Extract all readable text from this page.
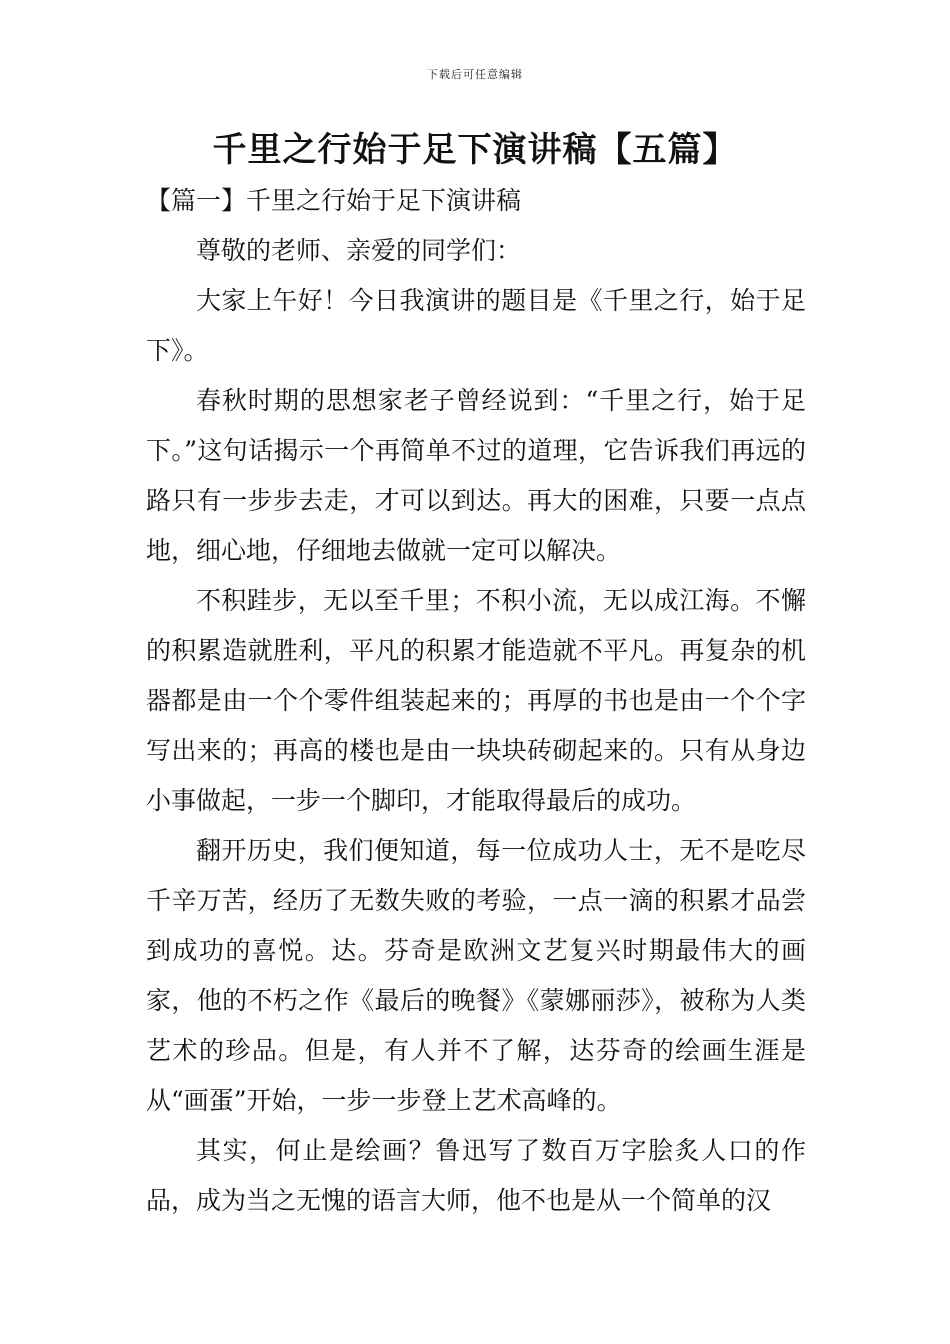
下载后可任意编辑
千里之行始于足下演讲稿【五篇】
【篇一】千里之行始于足下演讲稿

尊敬的老师、亲爱的同学们：

大家上午好！今日我演讲的题目是《千里之行，始于足下》。

春秋时期的思想家老子曾经说到：“千里之行，始于足下。”这句话揭示一个再简单不过的道理，它告诉我们再远的路只有一步步去走，才可以到达。再大的困难，只要一点点地，细心地，仔细地去做就一定可以解决。

不积跬步，无以至千里；不积小流，无以成江海。不懈的积累造就胜利，平凡的积累才能造就不平凡。再复杂的机器都是由一个个零件组装起来的；再厚的书也是由一个个字写出来的；再高的楼也是由一块块砖砌起来的。只有从身边小事做起，一步一个脚印，才能取得最后的成功。

翻开历史，我们便知道，每一位成功人士，无不是吃尽千辛万苦，经历了无数失败的考验，一点一滴的积累才品尝到成功的喜悦。达。芬奇是欧洲文艺复兴时期最伟大的画家，他的不朽之作《最后的晚餐》《蒙娜丽莎》，被称为人类艺术的珍品。但是，有人并不了解，达芬奇的绘画生涯是从“画蛋”开始，一步一步登上艺术高峰的。

其实，何止是绘画？鲁迅写了数百万字脍炙人口的作品，成为当之无愧的语言大师，他不也是从一个简单的汉
